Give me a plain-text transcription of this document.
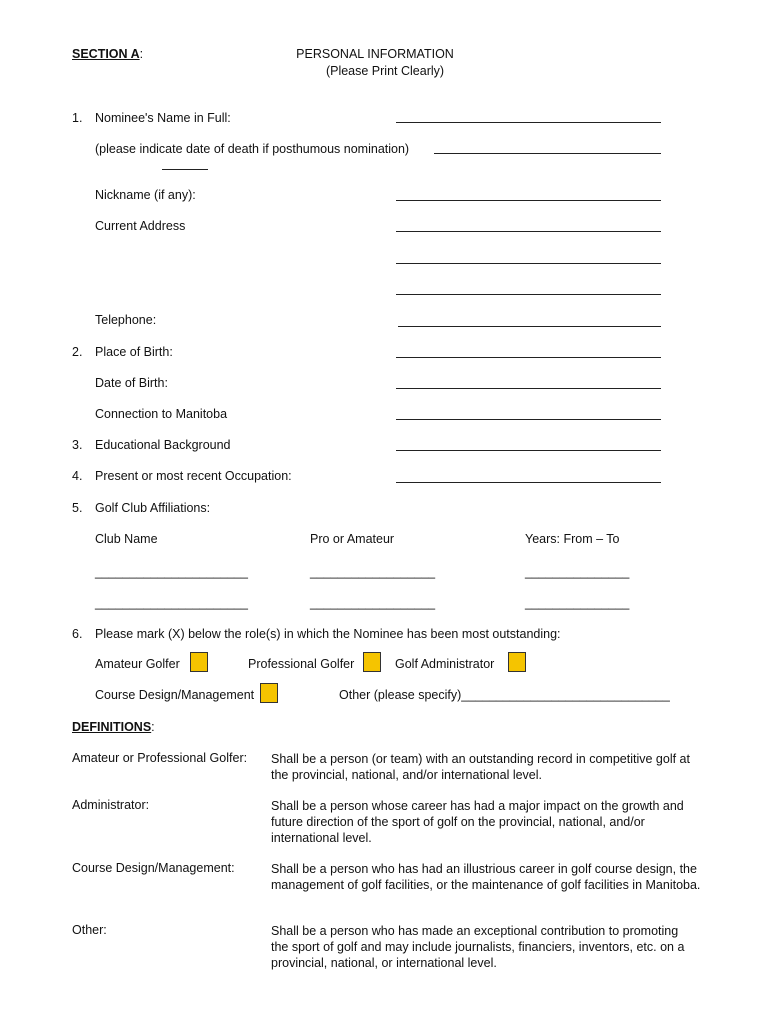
SECTION A:	PERSONAL INFORMATION
(Please Print Clearly)
1. Nominee's Name in Full:
(please indicate date of death if posthumous nomination)
Nickname (if any):
Current Address
Telephone:
2. Place of Birth:
Date of Birth:
Connection to Manitoba
3. Educational Background
4. Present or most recent Occupation:
5. Golf Club Affiliations:
Club Name	Pro or Amateur	Years: From – To
______________________	__________________	_______________
______________________	__________________	_______________
6. Please mark (X) below the role(s) in which the Nominee has been most outstanding:
Amateur Golfer	Professional Golfer	Golf Administrator
Course Design/Management	Other (please specify)______________________________
DEFINITIONS:
Amateur or Professional Golfer: Shall be a person (or team) with an outstanding record in competitive golf at the provincial, national, and/or international level.
Administrator:	Shall be a person whose career has had a major impact on the growth and future direction of the sport of golf on the provincial, national, and/or international level.
Course Design/Management:	Shall be a person who has had an illustrious career in golf course design, the management of golf facilities, or the maintenance of golf facilities in Manitoba.
Other:	Shall be a person who has made an exceptional contribution to promoting the sport of golf and may include journalists, financiers, inventors, etc. on a provincial, national, or international level.
